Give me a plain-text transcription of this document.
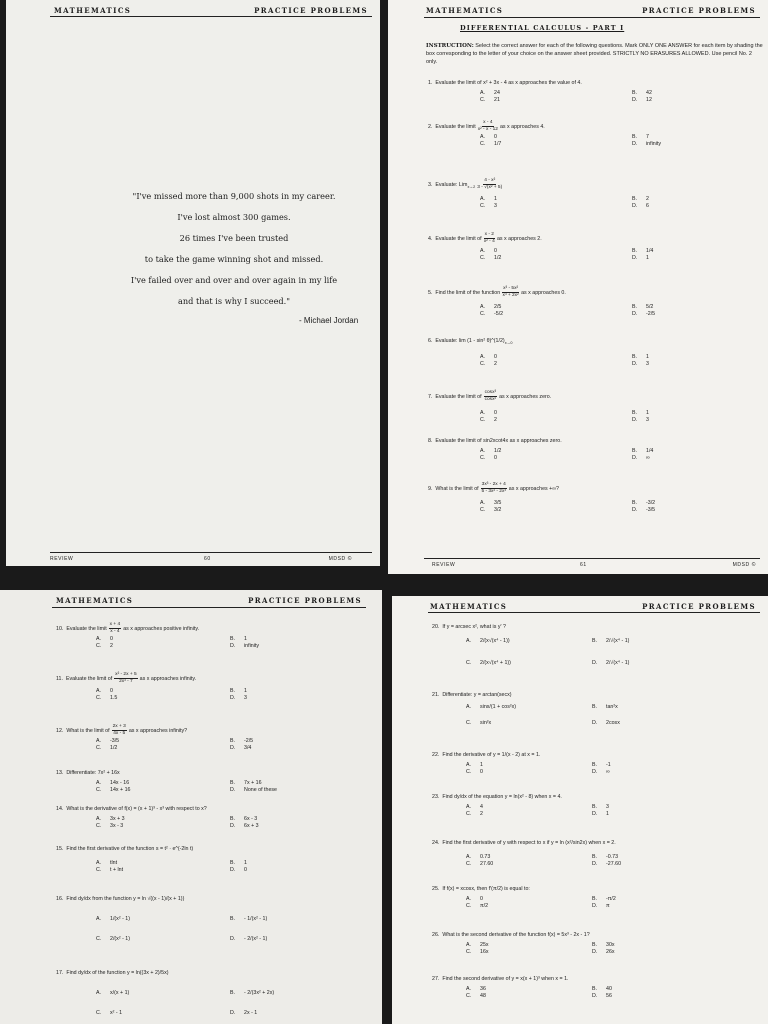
MATHEMATICS	PRACTICE PROBLEMS
"I've missed more than 9,000 shots in my career.
I've lost almost 300 games.
26 times I've been trusted
to take the game winning shot and missed.
I've failed over and over and over again in my life
and that is why I succeed."
- Michael Jordan
REVIEW	60	MDSD ©
MATHEMATICS	PRACTICE PROBLEMS
DIFFERENTIAL CALCULUS - PART I
INSTRUCTION: Select the correct answer for each of the following questions. Mark ONLY ONE ANSWER for each item by shading the box corresponding to the letter of your choice on the answer sheet provided. STRICTLY NO ERASURES ALLOWED. Use pencil No. 2 only.
1. Evaluate the limit of x² + 3x - 4 as x approaches the value of 4.
A. 24	B. 42
C. 21	D. 12
2. Evaluate the limit $\frac{x - 4}{\text{x² - x - 12}}$ as x approaches 4.
A. 0	B. 7
C. 1/7	D. infinity
3. Evaluate: $Lim_{x\to 2} \frac{\text{4 - x²}}{\text{3 - √(x² + 5)}}$
A. 1	B. 2
C. 3	D. 6
4. Evaluate the limit of $\frac{x - 2}{\text{x² - 4}}$ as x approaches 2.
A. 0	B. 1/4
C. 1/2	D. 1
5. Find the limit of the function $\frac{\text{x³ - 5x²}}{\text{x³ + 2x²}}$ as x approaches 0.
A. 2/5	B. 5/2
C. -5/2	D. -2/5
6. Evaluate: lim (1 - sin² $\theta)\^{}(1/2)_{x\to 0}$
A. 0	B. 1
C. 2	D. 3
7. Evaluate the limit of $\frac{\text{cosx³}}{\text{cosx²}}$ as x approaches zero.
A. 0	B. 1
C. 2	D. 3
8. Evaluate the limit of sin2xcot4x as x approaches zero.
A. 1/2	B. 1/4
C. 0	D. ∞
9. What is the limit of $\frac{\text{3x³ - 2x + 4}}{\text{5 - 3x² - 2x³}}$ as x approaches +∞?
A. 3/5	B. -3/2
C. 3/2	D. -3/5
REVIEW	61	MDSD ©
MATHEMATICS	PRACTICE PROBLEMS
10. Evaluate the limit $\frac{x + 4}{x - 4}$ as x approaches positive infinity.
A. 0	B. 1
C. 2	D. infinity
11. Evaluate the limit of $\frac{\text{x² - 2x + 5}}{\text{2x³ - 7}}$ as x approaches infinity.
A. 0	B. 1
C. 1.5	D. 3
12. What is the limit of $\frac{2x + 3}{4x - 5}$ as x approaches infinity?
A. -3/5	B. -2/5
C. 1/2	D. 3/4
13. Differentiate: 7x² + 16x
A. 14x - 16	B. 7x + 16
C. 14x + 16	D. None of these
14. What is the derivative of f(x) = (x + 1)³ - x³ with respect to x?
A. 3x + 3	B. 6x - 3
C. 3x - 3	D. 6x + 3
15. Find the first derivative of the function s = t² · e^(-2ln t)
A. tlnt	B. 1
C. t + lnt	D. 0
16. Find dy/dx from the function y = ln √((x - 1)/(x + 1))
A. 1/(x² - 1)	B. - 1/(x² - 1)
C. 2/(x² - 1)	D. - 2/(x² - 1)
17. Find dy/dx of the function y = ln((3x + 2)/5x)
A. x/(x + 1)	B. - 2/(3x² + 2x)
C. x² - 1	D. 2x - 1
MATHEMATICS	PRACTICE PROBLEMS
20. If y = arcsec x², what is y' ?
A. 2/(x√(x⁴ - 1))	B. 2/√(x⁴ - 1)
C. 2/(x√(x⁴ + 1))	D. 2/√(x⁴ - 1)
21. Differentiate: y = arctan(secx)
A. sinx/(1 + cos²x)	B. tan²x
C. sin²x	D. 2cosx
22. Find the derivative of y = 1/(x - 2) at x = 1.
A. 1	B. -1
C. 0	D. ∞
23. Find dy/dx of the equation y = ln(x² - 8) when x = 4.
A. 4	B. 3
C. 2	D. 1
24. Find the first derivative of y with respect to x if y = ln (x²/sin2x) when x = 2.
A. 0.73	B. -0.73
C. 27.60	D. -27.60
25. If f(x) = xcosx, then f'(π/2) is equal to:
A. 0	B. -π/2
C. π/2	D. π
26. What is the second derivative of the function f(x) = 5x³ - 2x - 1?
A. 25x	B. 30x
C. 16x	D. 26x
27. Find the second derivative of y = x(x + 1)³ when x = 1.
A. 36	B. 40
C. 48	D. 56
